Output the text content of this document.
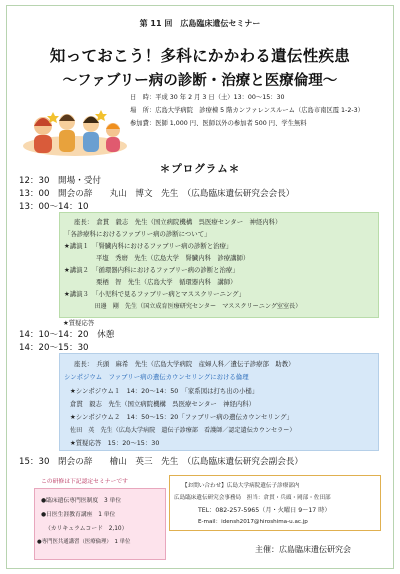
第 11 回　広島臨床遺伝セミナー
知っておこう！多科にかかわる遺伝性疾患
～ファブリー病の診断・治療と医療倫理～
日　時：平成 30 年 2 月 3 日（土）13：00～15：30
場　所：広島大学病院　診療棟 5 階カンファレンスルーム（広島市南区霞 1-2-3）
参加費：医師 1,000 円、医師以外の参加者 500 円、学生無料
＊プログラム＊
12：30　開場・受付
13：00　開会の辞　　丸山　博文　先生　（広島臨床遺伝研究会会長）
13：00～14：10
座長：　倉貫　毅志　先生（国立病院機構　呉医療センター　神経内科）
「各診療科におけるファブリー病の診断について」
★講演１　「腎臓内科におけるファブリー病の診断と治療」
　　　　　平塩　秀磨　先生（広島大学　腎臓内科　診療講師）
★講演２　「循環器内科におけるファブリー病の診断と治療」
　　　　　栗栖　智　先生（広島大学　循環器内科　講師）
★講演３　「小児科で見るファブリー病とマススクリーニング」
　　　　　田邊　剛　先生（国立成育医療研究センター　マススクリーニング室室長）
★質疑応答
14：10～14：20　休憩
14：20～15：30
座長：　兵頭　麻希　先生（広島大学病院　産婦人科／遺伝子診療部　助教）
シンポジウム　ファブリー病の遺伝カウンセリングにおける倫理
★シンポジウム１　14：20～14：50　「家系図は打ち出の小槌」
倉貫　毅志　先生（国立病院機構　呉医療センター　神経内科）
★シンポジウム２　14：50～15：20「ファブリー病の遺伝カウンセリング」
佐田　英　先生（広島大学病院　遺伝子診療部　看護師／認定遺伝カウンセラー）
★質疑応答　15：20～15：30
15：30　閉会の辞　　檜山　英三　先生　（広島臨床遺伝研究会副会長）
この研修は下記認定セミナーです
●臨床遺伝専門医制度　3 単位
●日医生涯教育講座　1 単位
（カリキュラムコード　2,10）
●専門医共通講習（医療倫理）　1 単位
【お問い合わせ】広島大学病院遺伝子診療部内
広島臨床遺伝研究会事務局　担当：倉貫・兵頭・岡部・佐田部
TEL：082-257-5965（月・火曜日 9～17 時）
E-mail：idensh2017@hiroshima-u.ac.jp
主催：広島臨床遺伝研究会
